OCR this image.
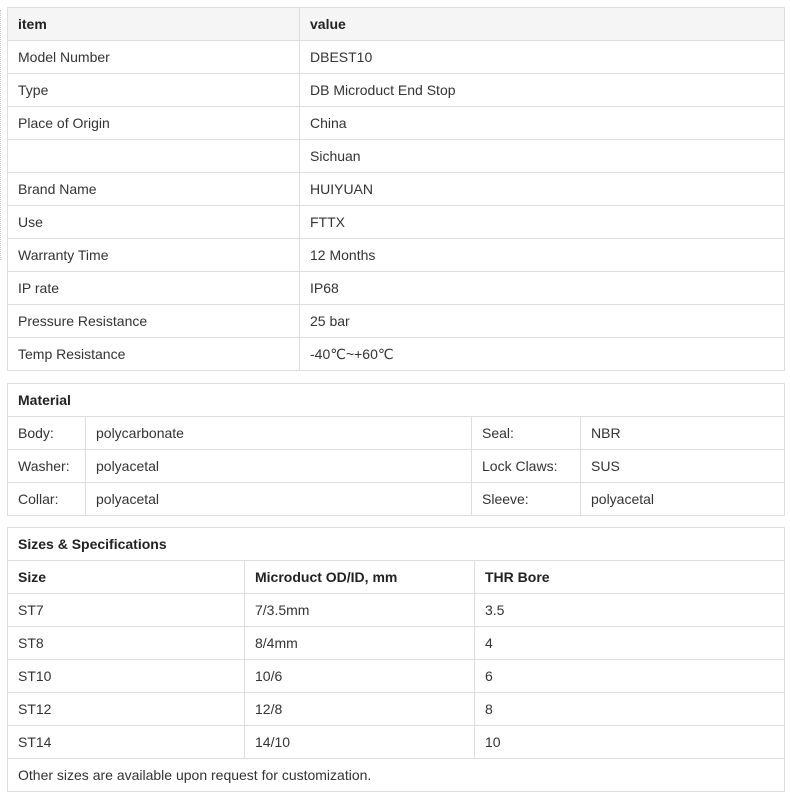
item	value
Model Number	DBEST10
Type	DB Microduct End Stop
Place of Origin	China
	Sichuan
Brand Name	HUIYUAN
Use	FTTX
Warranty Time	12 Months
IP rate	IP68
Pressure Resistance	25 bar
Temp Resistance	-40℃~+60℃
Material			
Body:	polycarbonate	Seal:	NBR
Washer:	polyacetal	Lock Claws:	SUS
Collar:	polyacetal	Sleeve:	polyacetal
Sizes & Specifications		
Size	Microduct OD/ID, mm	THR Bore
ST7	7/3.5mm	3.5
ST8	8/4mm	4
ST10	10/6	6
ST12	12/8	8
ST14	14/10	10
Other sizes are available upon request for customization.		
